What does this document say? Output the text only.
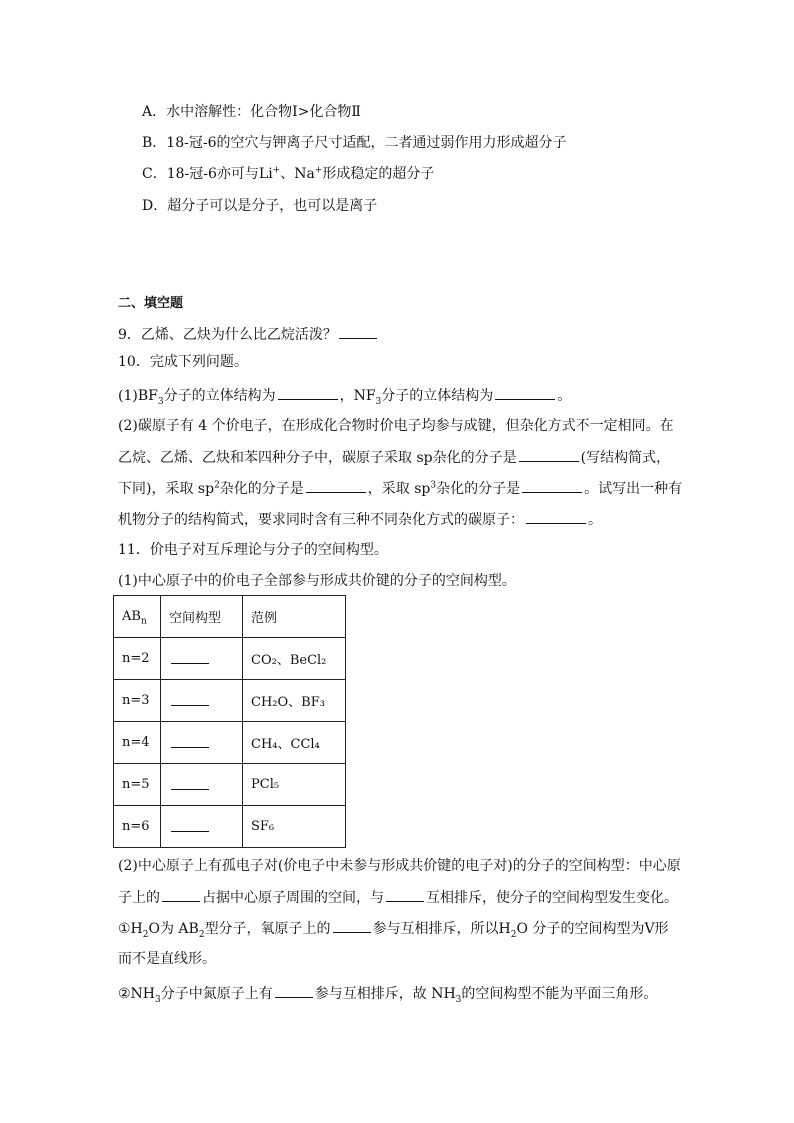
A．水中溶解性：化合物Ⅰ>化合物Ⅱ
B．18-冠-6的空穴与钾离子尺寸适配，二者通过弱作用力形成超分子
C．18-冠-6亦可与Li+、Na+形成稳定的超分子
D．超分子可以是分子，也可以是离子
二、填空题
9．乙烯、乙炔为什么比乙烷活泼？
10．完成下列问题。
$(1)BF_3$分子的立体结构为	，$NF_3$分子的立体结构为	。
(2)碳原子有 4 个价电子，在形成化合物时价电子均参与成键，但杂化方式不一定相同。在
乙烷、乙烯、乙炔和苯四种分子中，碳原子采取 sp杂化的分子是	(写结构简式，
下同)，采取 $sp^2$杂化的分子是	，采取 $sp^3$杂化的分子是	。试写出一种有
机物分子的结构简式，要求同时含有三种不同杂化方式的碳原子：	。
11．价电子对互斥理论与分子的空间构型。
(1)中心原子中的价电子全部参与形成共价键的分子的空间构型。
$AB_n$	空间构型	范例
n=2		CO₂、BeCl₂
n=3		CH₂O、BF₃
n=4		CH₄、CCl₄
n=5		PCl₅
n=6		SF₆
(2)中心原子上有孤电子对(价电子中未参与形成共价键的电子对)的分子的空间构型：中心原
子上的	占据中心原子周围的空间，与	互相排斥，使分子的空间构型发生变化。
$①H_2O$为 $AB_2$型分子，氧原子上的	参与互相排斥，所以$H_2O$ 分子的空间构型为Ⅴ形
而不是直线形。
$②NH_3$分子中氮原子上有	参与互相排斥，故 $NH_3$的空间构型不能为平面三角形。
